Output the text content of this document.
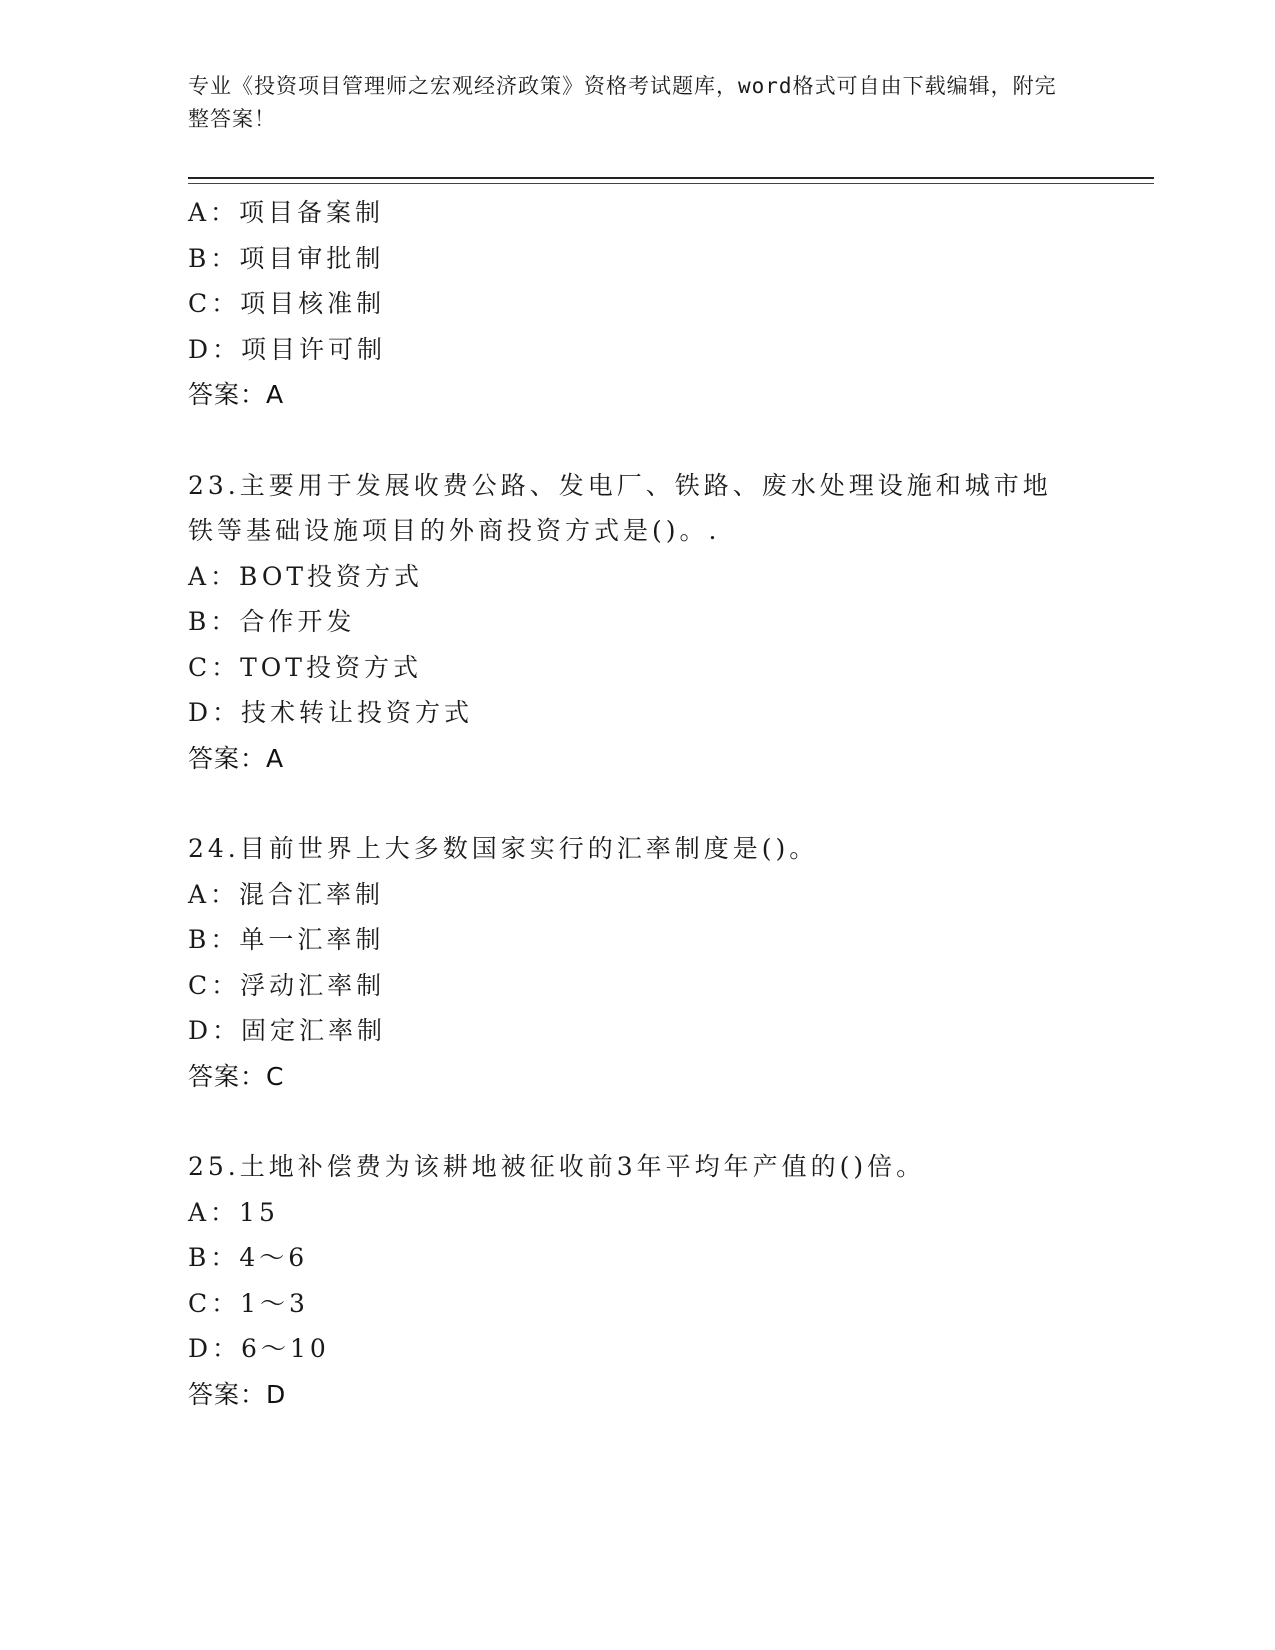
专业《投资项目管理师之宏观经济政策》资格考试题库，word格式可自由下载编辑，附完整答案！
A：项目备案制
B：项目审批制
C：项目核准制
D：项目许可制
答案：A
23.主要用于发展收费公路、发电厂、铁路、废水处理设施和城市地铁等基础设施项目的外商投资方式是()。.
A：BOT投资方式
B：合作开发
C：TOT投资方式
D：技术转让投资方式
答案：A
24.目前世界上大多数国家实行的汇率制度是()。
A：混合汇率制
B：单一汇率制
C：浮动汇率制
D：固定汇率制
答案：C
25.土地补偿费为该耕地被征收前3年平均年产值的()倍。
A：15
B：4～6
C：1～3
D：6～10
答案：D
